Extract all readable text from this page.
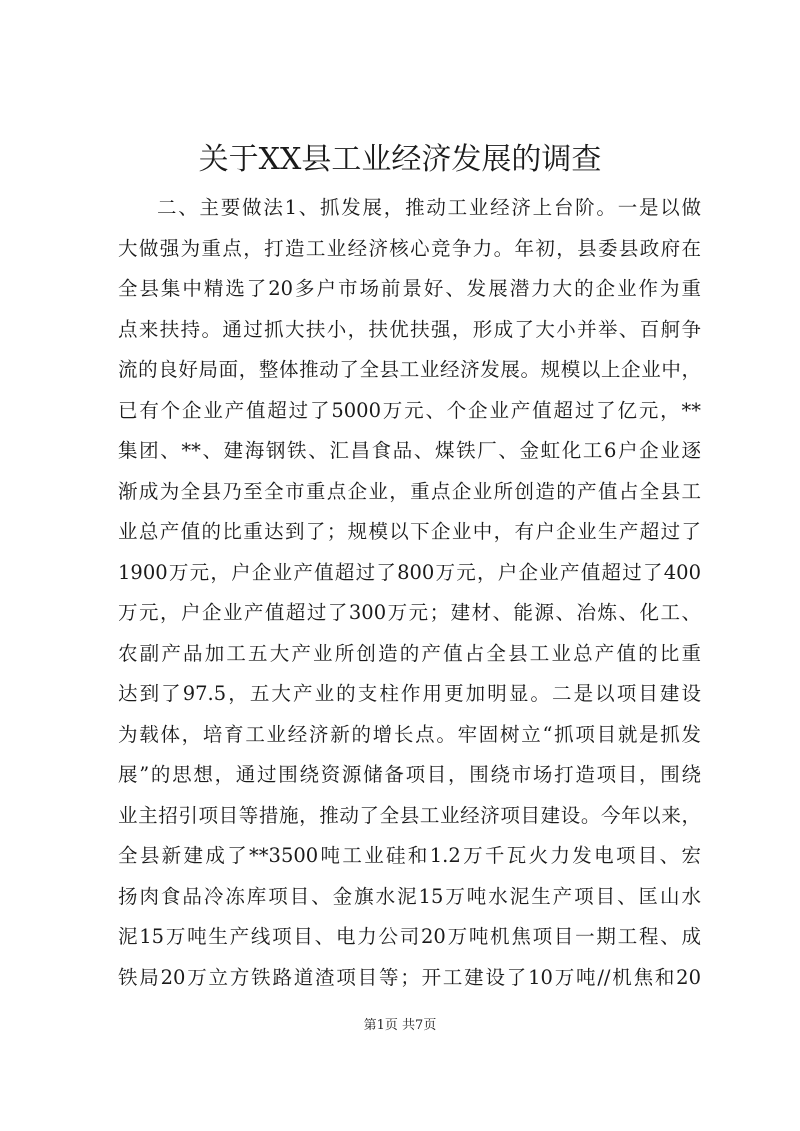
关于XX县工业经济发展的调查
二、主要做法1、抓发展，推动工业经济上台阶。一是以做
大做强为重点，打造工业经济核心竞争力。年初，县委县政府在
全县集中精选了20多户市场前景好、发展潜力大的企业作为重
点来扶持。通过抓大扶小，扶优扶强，形成了大小并举、百舸争
流的良好局面，整体推动了全县工业经济发展。规模以上企业中，
已有个企业产值超过了5000万元、个企业产值超过了亿元，**
集团、**、建海钢铁、汇昌食品、煤铁厂、金虹化工6户企业逐
渐成为全县乃至全市重点企业，重点企业所创造的产值占全县工
业总产值的比重达到了；规模以下企业中，有户企业生产超过了
1900万元，户企业产值超过了800万元，户企业产值超过了400
万元，户企业产值超过了300万元；建材、能源、冶炼、化工、
农副产品加工五大产业所创造的产值占全县工业总产值的比重
达到了97.5，五大产业的支柱作用更加明显。二是以项目建设
为载体，培育工业经济新的增长点。牢固树立“抓项目就是抓发
展”的思想，通过围绕资源储备项目，围绕市场打造项目，围绕
业主招引项目等措施，推动了全县工业经济项目建设。今年以来，
全县新建成了**3500吨工业硅和1.2万千瓦火力发电项目、宏
扬肉食品冷冻库项目、金旗水泥15万吨水泥生产项目、匡山水
泥15万吨生产线项目、电力公司20万吨机焦项目一期工程、成
铁局20万立方铁路道渣项目等；开工建设了10万吨//机焦和20
第1页 共7页
